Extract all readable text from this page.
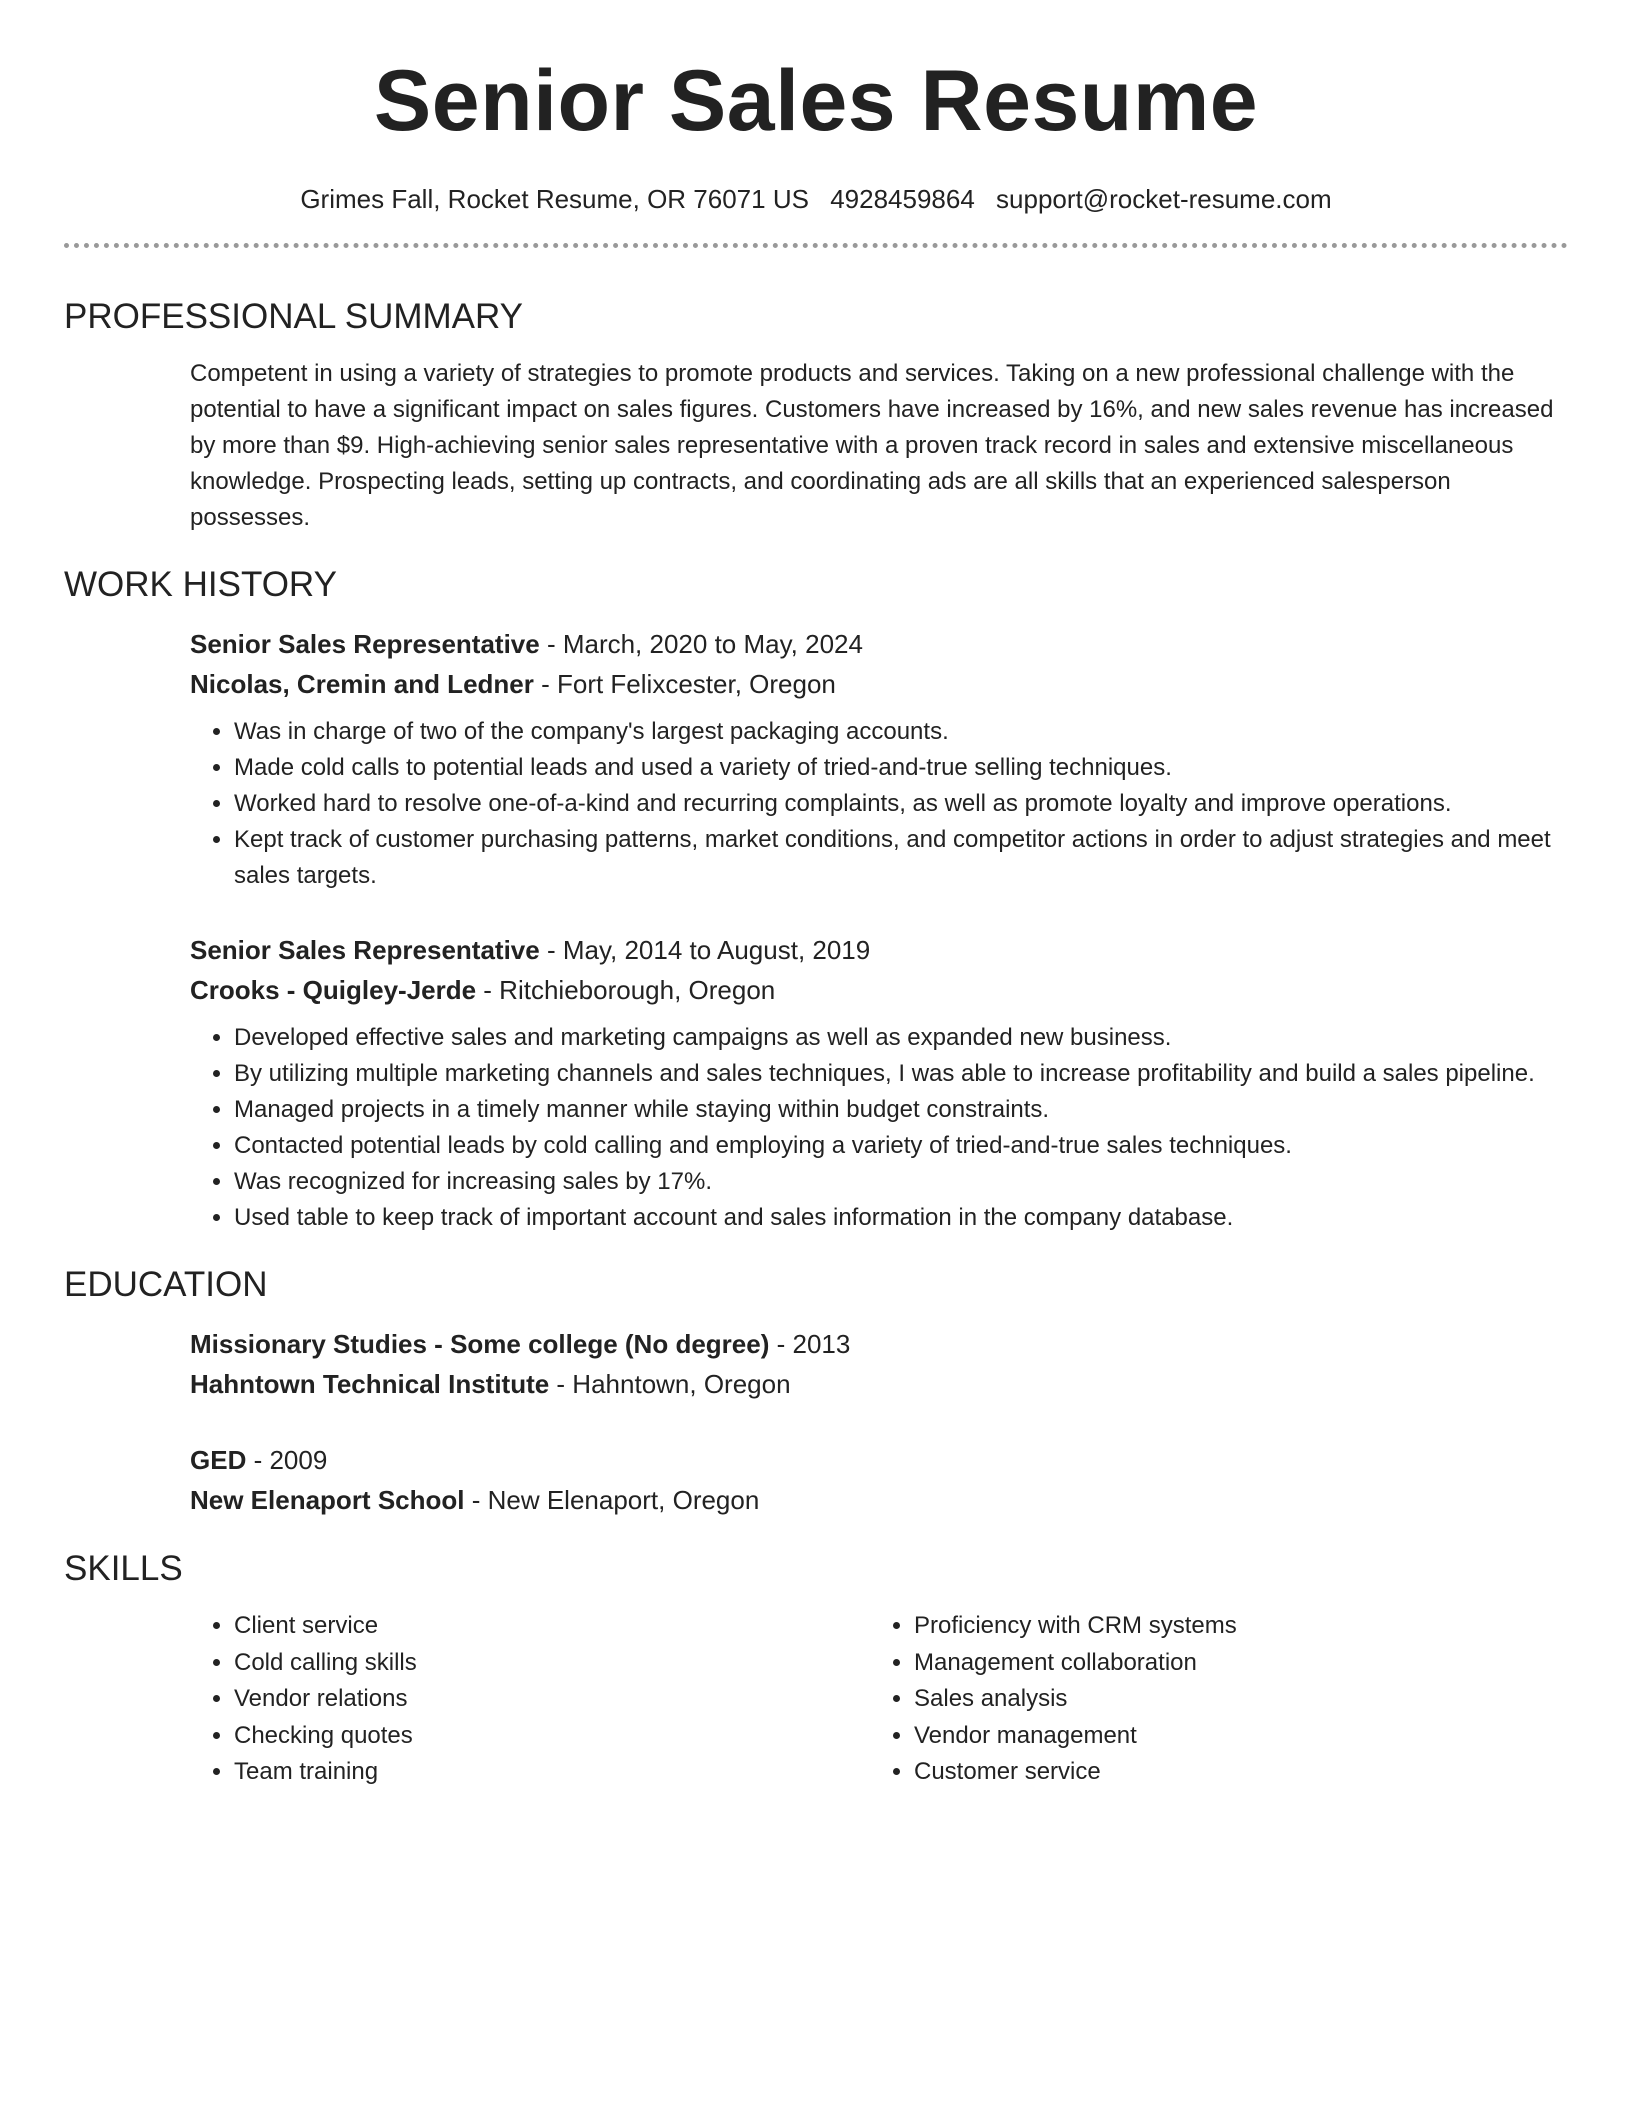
Senior Sales Resume
Grimes Fall, Rocket Resume, OR 76071 US 4928459864 support@rocket-resume.com
PROFESSIONAL SUMMARY

Competent in using a variety of strategies to promote products and services. Taking on a new professional challenge with the potential to have a significant impact on sales figures. Customers have increased by 16%, and new sales revenue has increased by more than $9. High-achieving senior sales representative with a proven track record in sales and extensive miscellaneous knowledge. Prospecting leads, setting up contracts, and coordinating ads are all skills that an experienced salesperson possesses.

WORK HISTORY
Senior Sales Representative - March, 2020 to May, 2024
Nicolas, Cremin and Ledner - Fort Felixcester, Oregon
• Was in charge of two of the company's largest packaging accounts.
• Made cold calls to potential leads and used a variety of tried-and-true selling techniques.
• Worked hard to resolve one-of-a-kind and recurring complaints, as well as promote loyalty and improve operations.
• Kept track of customer purchasing patterns, market conditions, and competitor actions in order to adjust strategies and meet sales targets.
Senior Sales Representative - May, 2014 to August, 2019
Crooks - Quigley-Jerde - Ritchieborough, Oregon
• Developed effective sales and marketing campaigns as well as expanded new business.
• By utilizing multiple marketing channels and sales techniques, I was able to increase profitability and build a sales pipeline.
• Managed projects in a timely manner while staying within budget constraints.
• Contacted potential leads by cold calling and employing a variety of tried-and-true sales techniques.
• Was recognized for increasing sales by 17%.
• Used table to keep track of important account and sales information in the company database.
EDUCATION
Missionary Studies - Some college (No degree) - 2013
Hahntown Technical Institute - Hahntown, Oregon
GED - 2009
New Elenaport School - New Elenaport, Oregon
SKILLS
• Client service
• Cold calling skills
• Vendor relations
• Checking quotes
• Team training
• Proficiency with CRM systems
• Management collaboration
• Sales analysis
• Vendor management
• Customer service
